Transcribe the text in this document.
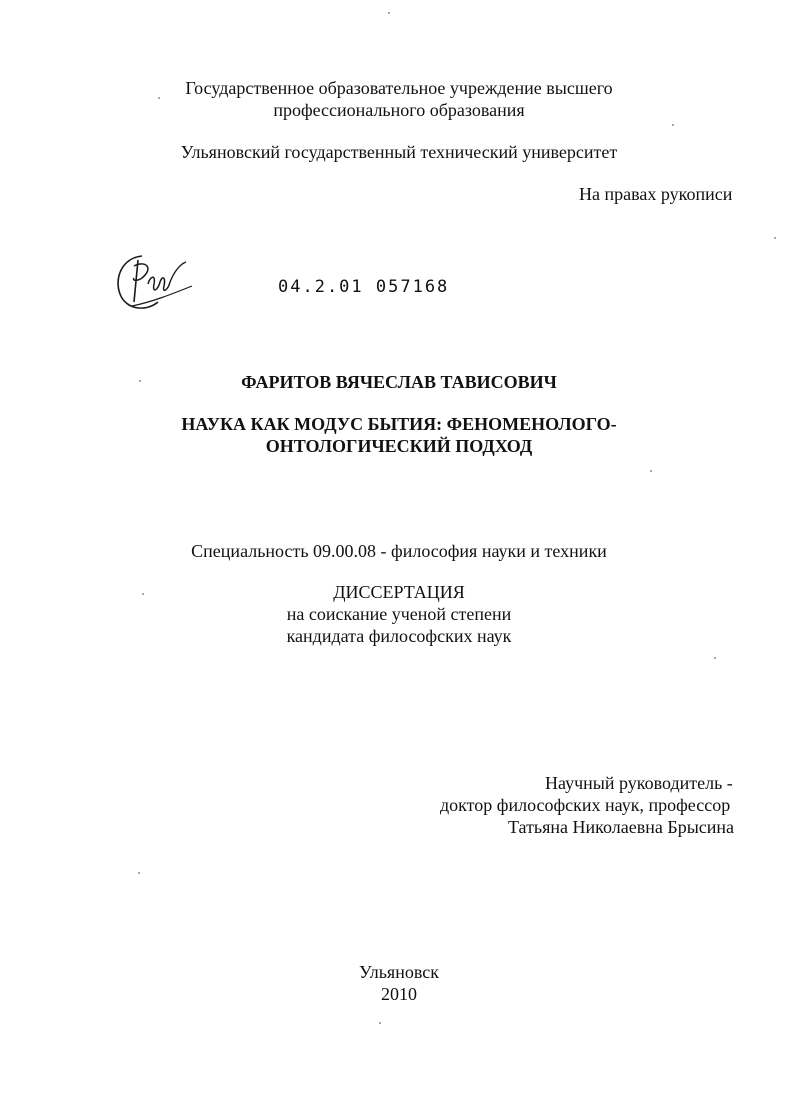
Государственное образовательное учреждение высшего
профессионального образования
Ульяновский государственный технический университет
На правах рукописи
04.2.01 057168
ФАРИТОВ ВЯЧЕСЛАВ ТАВИСОВИЧ
НАУКА КАК МОДУС БЫТИЯ: ФЕНОМЕНОЛОГО-
ОНТОЛОГИЧЕСКИЙ ПОДХОД
Специальность 09.00.08 - философия науки и техники
ДИССЕРТАЦИЯ
на соискание ученой степени
кандидата философских наук
Научный руководитель -
доктор философских наук, профессор
Татьяна Николаевна Брысина
Ульяновск
2010
